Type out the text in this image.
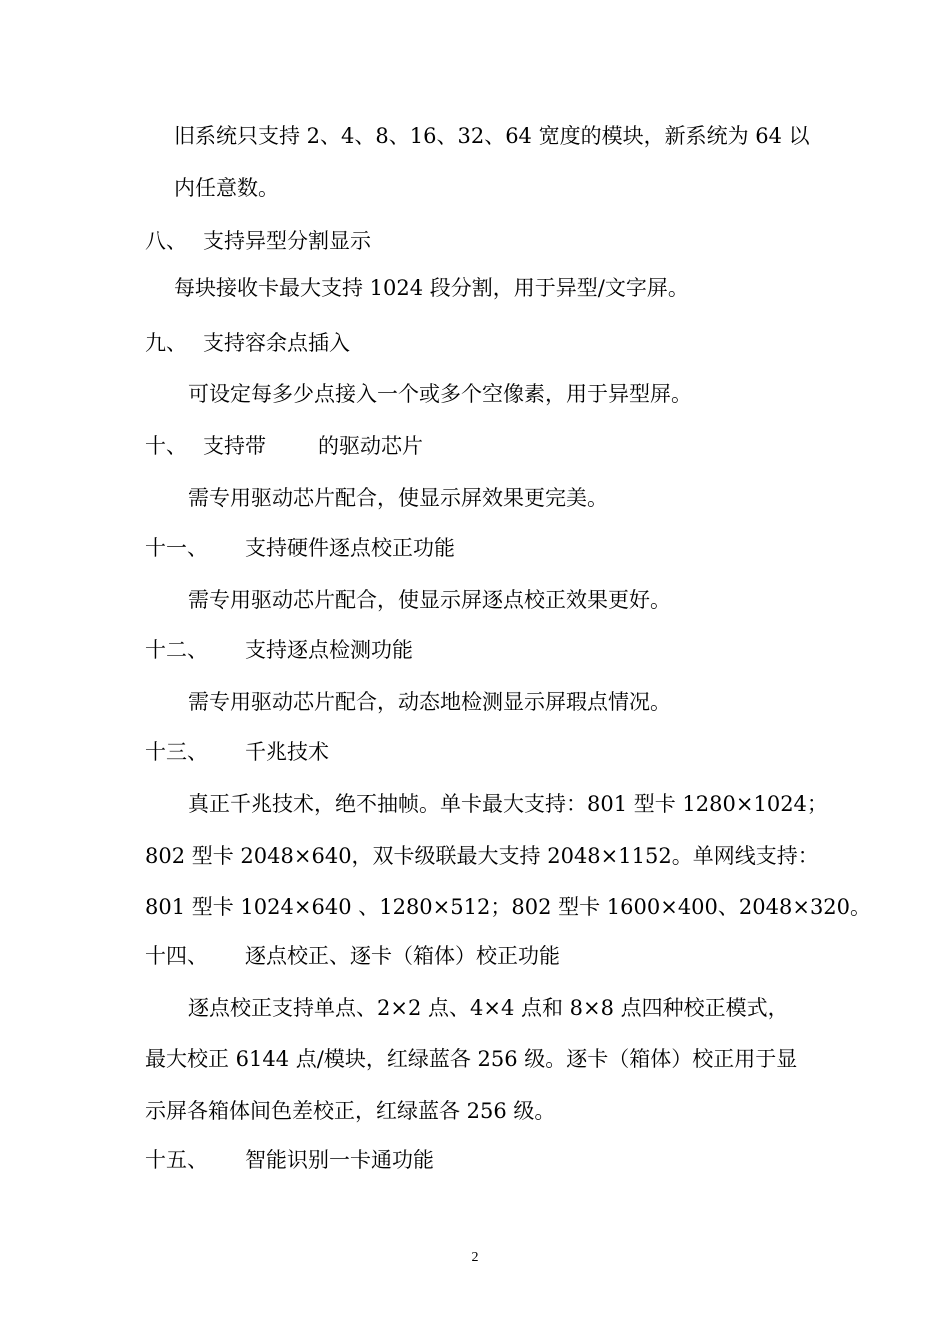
旧系统只支持 2、4、8、16、32、64 宽度的模块，新系统为 64 以
内任意数。
八、 支持异型分割显示
每块接收卡最大支持 1024 段分割，用于异型/文字屏。
九、 支持容余点插入
可设定每多少点接入一个或多个空像素，用于异型屏。
十、 支持带 的驱动芯片
需专用驱动芯片配合，使显示屏效果更完美。
十一、 支持硬件逐点校正功能
需专用驱动芯片配合，使显示屏逐点校正效果更好。
十二、 支持逐点检测功能
需专用驱动芯片配合，动态地检测显示屏瑕点情况。
十三、 千兆技术
真正千兆技术，绝不抽帧。单卡最大支持：801 型卡 1280×1024；
802 型卡 2048×640，双卡级联最大支持 2048×1152。单网线支持：
801 型卡 1024×640 、1280×512；802 型卡 1600×400、2048×320。
十四、 逐点校正、逐卡（箱体）校正功能
逐点校正支持单点、2×2 点、4×4 点和 8×8 点四种校正模式，
最大校正 6144 点/模块，红绿蓝各 256 级。逐卡（箱体）校正用于显
示屏各箱体间色差校正，红绿蓝各 256 级。
十五、 智能识别一卡通功能
2
